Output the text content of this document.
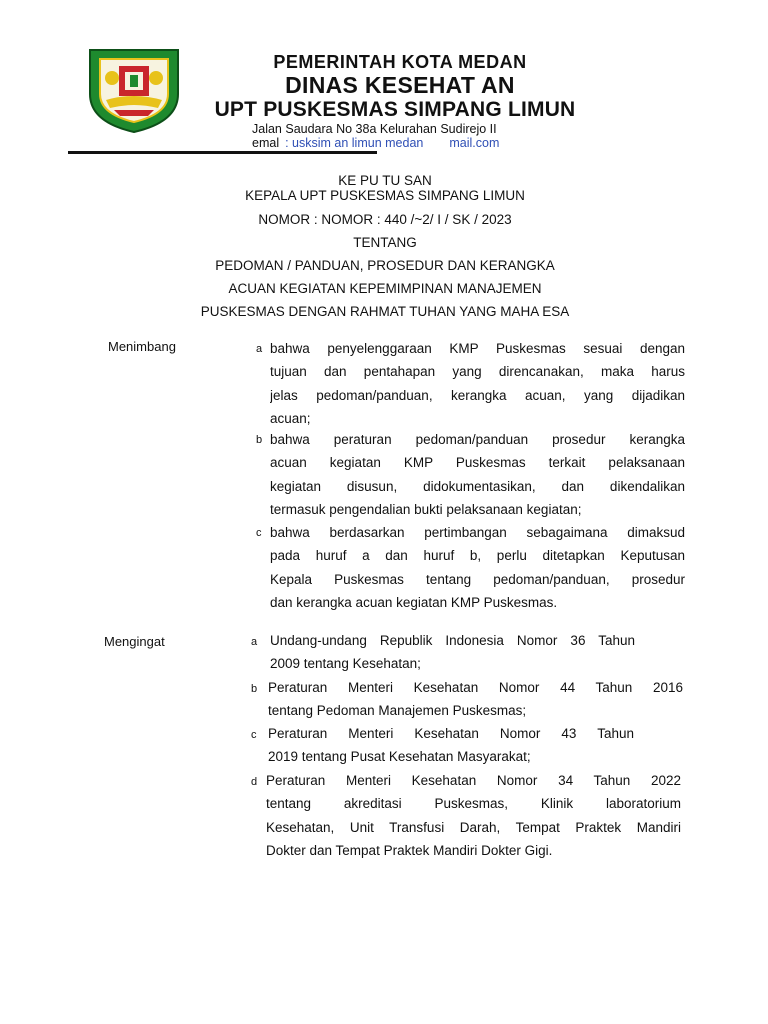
PEMERINTAH KOTA MEDAN
DINAS KESEHAT AN
UPT PUSKESMAS SIMPANG LIMUN
Jalan Saudara No 38a Kelurahan Sudirejo II
emal : usksim an limun medan mail.com
KE PU TU SAN
KEPALA UPT PUSKESMAS SIMPANG LIMUN
NOMOR : NOMOR : 440 /~2/ I / SK / 2023
TENTANG
PEDOMAN / PANDUAN, PROSEDUR DAN KERANGKA
ACUAN KEGIATAN KEPEMIMPINAN MANAJEMEN
PUSKESMAS DENGAN RAHMAT TUHAN YANG MAHA ESA
Menimbang	a bahwa penyelenggaraan KMP Puskesmas sesuai dengan
tujuan dan pentahapan yang direncanakan, maka harus
jelas pedoman/panduan, kerangka acuan, yang dijadikan
acuan;
b bahwa peraturan pedoman/panduan prosedur kerangka
acuan kegiatan KMP Puskesmas terkait pelaksanaan
kegiatan disusun, didokumentasikan, dan dikendalikan
termasuk pengendalian bukti pelaksanaan kegiatan;
c bahwa berdasarkan pertimbangan sebagaimana dimaksud
pada huruf a dan huruf b, perlu ditetapkan Keputusan
Kepala Puskesmas tentang pedoman/panduan, prosedur
dan kerangka acuan kegiatan KMP Puskesmas.
Mengingat	a Undang-undang Republik Indonesia Nomor 36 Tahun
2009 tentang Kesehatan;
b Peraturan Menteri Kesehatan Nomor 44 Tahun 2016
tentang Pedoman Manajemen Puskesmas;
c Peraturan Menteri Kesehatan Nomor 43 Tahun
2019 tentang Pusat Kesehatan Masyarakat;
d Peraturan Menteri Kesehatan Nomor 34 Tahun 2022
tentang akreditasi Puskesmas, Klinik laboratorium
Kesehatan, Unit Transfusi Darah, Tempat Praktek Mandiri
Dokter dan Tempat Praktek Mandiri Dokter Gigi.
